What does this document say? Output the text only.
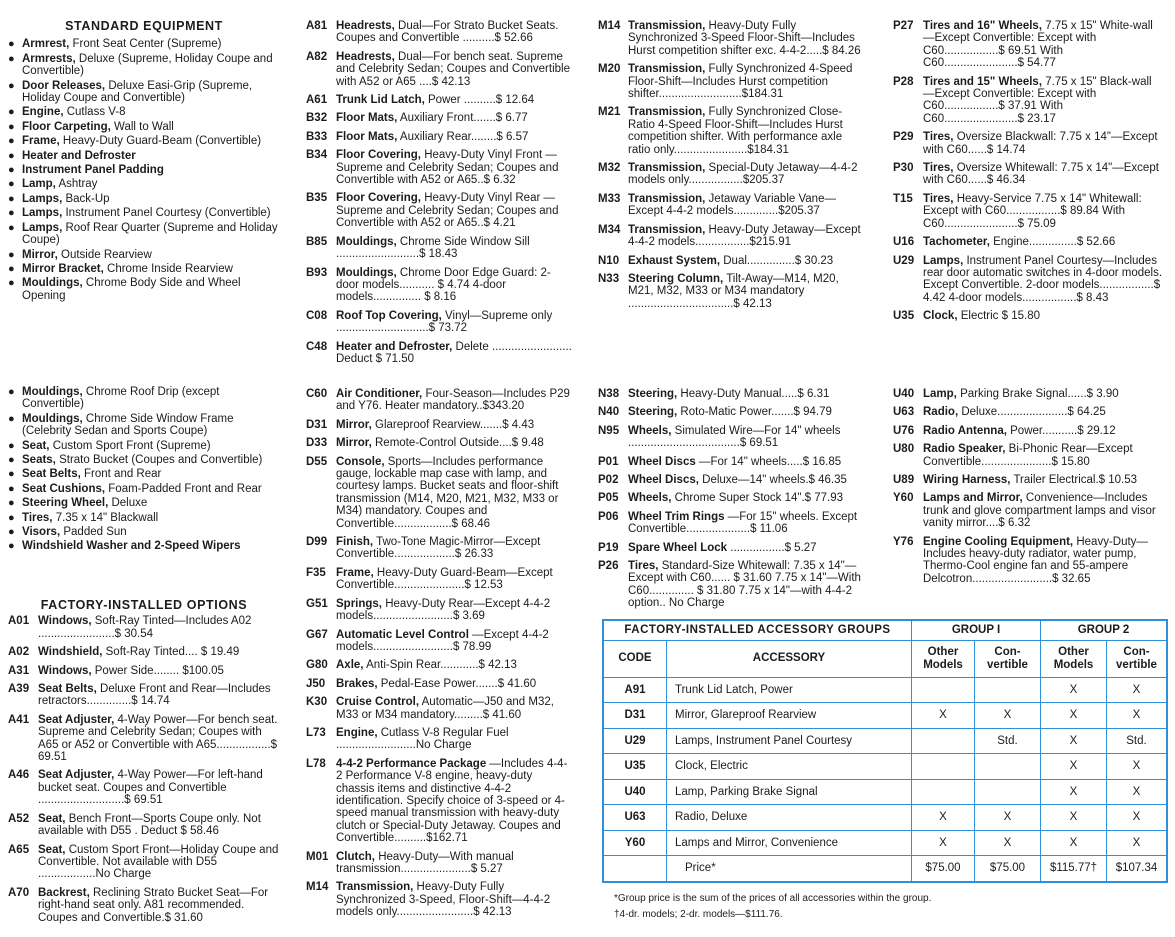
STANDARD EQUIPMENT
● Armrest, Front Seat Center (Supreme)
● Armrests, Deluxe (Supreme, Holiday Coupe and Convertible)
● Door Releases, Deluxe Easi-Grip (Supreme, Holiday Coupe and Convertible)
● Engine, Cutlass V-8
● Floor Carpeting, Wall to Wall
● Frame, Heavy-Duty Guard-Beam (Convertible)
● Heater and Defroster
● Instrument Panel Padding
● Lamp, Ashtray
● Lamps, Back-Up
● Lamps, Instrument Panel Courtesy (Convertible)
● Lamps, Roof Rear Quarter (Supreme and Holiday Coupe)
● Mirror, Outside Rearview
● Mirror Bracket, Chrome Inside Rearview
● Mouldings, Chrome Body Side and Wheel Opening
● Mouldings, Chrome Roof Drip (except Convertible)
● Mouldings, Chrome Side Window Frame (Celebrity Sedan and Sports Coupe)
● Seat, Custom Sport Front (Supreme)
● Seats, Strato Bucket (Coupes and Convertible)
● Seat Belts, Front and Rear
● Seat Cushions, Foam-Padded Front and Rear
● Steering Wheel, Deluxe
● Tires, 7.35 x 14" Blackwall
● Visors, Padded Sun
● Windshield Washer and 2-Speed Wipers
FACTORY-INSTALLED OPTIONS
A01 Windows, Soft-Ray Tinted—Includes A02 ........................$ 30.54
A02 Windshield, Soft-Ray Tinted.... $ 19.49
A31 Windows, Power Side........ $100.05
A39 Seat Belts, Deluxe Front and Rear—Includes retractors..............$ 14.74
A41 Seat Adjuster, 4-Way Power—For bench seat. Supreme and Celebrity Sedan; Coupes with A65 or A52 or Convertible with A65.................$ 69.51
A46 Seat Adjuster, 4-Way Power—For left-hand bucket seat. Coupes and Convertible ...........................$ 69.51
A52 Seat, Bench Front—Sports Coupe only. Not available with D55 . Deduct $ 58.46
A65 Seat, Custom Sport Front—Holiday Coupe and Convertible. Not available with D55 ..................No Charge
A70 Backrest, Reclining Strato Bucket Seat—For right-hand seat only. A81 recommended. Coupes and Convertible.$ 31.60
A81 Headrests, Dual—For Strato Bucket Seats. Coupes and Convertible ..........$ 52.66
A82 Headrests, Dual—For bench seat. Supreme and Celebrity Sedan; Coupes and Convertible with A52 or A65 ....$ 42.13
A61 Trunk Lid Latch, Power ..........$ 12.64
B32 Floor Mats, Auxiliary Front.......$ 6.77
B33 Floor Mats, Auxiliary Rear........$ 6.57
B34 Floor Covering, Heavy-Duty Vinyl Front —Supreme and Celebrity Sedan; Coupes and Convertible with A52 or A65..$ 6.32
B35 Floor Covering, Heavy-Duty Vinyl Rear —Supreme and Celebrity Sedan; Coupes and Convertible with A52 or A65..$ 4.21
B85 Mouldings, Chrome Side Window Sill ..........................$ 18.43
B93 Mouldings, Chrome Door Edge Guard: 2-door models........... $ 4.74 4-door models............... $ 8.16
C08 Roof Top Covering, Vinyl—Supreme only .............................$ 73.72
C48 Heater and Defroster, Delete ......................... Deduct $ 71.50
C60 Air Conditioner, Four-Season—Includes P29 and Y76. Heater mandatory..$343.20
D31 Mirror, Glareproof Rearview.......$ 4.43
D33 Mirror, Remote-Control Outside....$ 9.48
D55 Console, Sports—Includes performance gauge, lockable map case with lamp, and courtesy lamps. Bucket seats and floor-shift transmission (M14, M20, M21, M32, M33 or M34) mandatory. Coupes and Convertible..................$ 68.46
D99 Finish, Two-Tone Magic-Mirror—Except Convertible...................$ 26.33
F35 Frame, Heavy-Duty Guard-Beam—Except Convertible......................$ 12.53
G51 Springs, Heavy-Duty Rear—Except 4-4-2 models.........................$ 3.69
G67 Automatic Level Control —Except 4-4-2 models.........................$ 78.99
G80 Axle, Anti-Spin Rear............$ 42.13
J50 Brakes, Pedal-Ease Power.......$ 41.60
K30 Cruise Control, Automatic—J50 and M32, M33 or M34 mandatory.........$ 41.60
L73 Engine, Cutlass V-8 Regular Fuel .........................No Charge
L78 4-4-2 Performance Package —Includes 4-4-2 Performance V-8 engine, heavy-duty chassis items and distinctive 4-4-2 identification. Specify choice of 3-speed or 4-speed manual transmission with heavy-duty clutch or Special-Duty Jetaway. Coupes and Convertible..........$162.71
M01 Clutch, Heavy-Duty—With manual transmission......................$ 5.27
M14 Transmission, Heavy-Duty Fully Synchronized 3-Speed, Floor-Shift—4-4-2 models only........................$ 42.13
M14 Transmission, Heavy-Duty Fully Synchronized 3-Speed Floor-Shift—Includes Hurst competition shifter exc. 4-4-2.....$ 84.26
M20 Transmission, Fully Synchronized 4-Speed Floor-Shift—Includes Hurst competition shifter..........................$184.31
M21 Transmission, Fully Synchronized Close-Ratio 4-Speed Floor-Shift—Includes Hurst competition shifter. With performance axle ratio only.......................$184.31
M32 Transmission, Special-Duty Jetaway—4-4-2 models only.................$205.37
M33 Transmission, Jetaway Variable Vane—Except 4-4-2 models..............$205.37
M34 Transmission, Heavy-Duty Jetaway—Except 4-4-2 models.................$215.91
N10 Exhaust System, Dual...............$ 30.23
N33 Steering Column, Tilt-Away—M14, M20, M21, M32, M33 or M34 mandatory .................................$ 42.13
N38 Steering, Heavy-Duty Manual.....$ 6.31
N40 Steering, Roto-Matic Power.......$ 94.79
N95 Wheels, Simulated Wire—For 14" wheels ...................................$ 69.51
P01 Wheel Discs —For 14" wheels.....$ 16.85
P02 Wheel Discs, Deluxe—14" wheels.$ 46.35
P05 Wheels, Chrome Super Stock 14".$ 77.93
P06 Wheel Trim Rings —For 15" wheels. Except Convertible....................$ 11.06
P19 Spare Wheel Lock .................$ 5.27
P26 Tires, Standard-Size Whitewall: 7.35 x 14"—Except with C60...... $ 31.60 7.75 x 14"—With C60.............. $ 31.80 7.75 x 14"—with 4-4-2 option.. No Charge
P27 Tires and 16" Wheels, 7.75 x 15" White-wall—Except Convertible: Except with C60.................$ 69.51 With C60.......................$ 54.77
P28 Tires and 15" Wheels, 7.75 x 15" Black-wall—Except Convertible: Except with C60.................$ 37.91 With C60.......................$ 23.17
P29 Tires, Oversize Blackwall: 7.75 x 14"—Except with C60......$ 14.74
P30 Tires, Oversize Whitewall: 7.75 x 14"—Except with C60......$ 46.34
T15 Tires, Heavy-Service 7.75 x 14" Whitewall: Except with C60.................$ 89.84 With C60.......................$ 75.09
U16 Tachometer, Engine...............$ 52.66
U29 Lamps, Instrument Panel Courtesy—Includes rear door automatic switches in 4-door models. Except Convertible. 2-door models.................$ 4.42 4-door models.................$ 8.43
U35 Clock, Electric $ 15.80
U40 Lamp, Parking Brake Signal......$ 3.90
U63 Radio, Deluxe......................$ 64.25
U76 Radio Antenna, Power...........$ 29.12
U80 Radio Speaker, Bi-Phonic Rear—Except Convertible......................$ 15.80
U89 Wiring Harness, Trailer Electrical.$ 10.53
Y60 Lamps and Mirror, Convenience—Includes trunk and glove compartment lamps and visor vanity mirror....$ 6.32
Y76 Engine Cooling Equipment, Heavy-Duty—Includes heavy-duty radiator, water pump, Thermo-Cool engine fan and 55-ampere Delcotron.........................$ 32.65
FACTORY-INSTALLED ACCESSORY GROUPS		GROUP I		GROUP 2	
CODE	ACCESSORY	Other Models	Con-vertible	Other Models	Con-vertible
A91	Trunk Lid Latch, Power			X	X
D31	Mirror, Glareproof Rearview	X	X	X	X
U29	Lamps, Instrument Panel Courtesy		Std.	X	Std.
U35	Clock, Electric			X	X
U40	Lamp, Parking Brake Signal			X	X
U63	Radio, Deluxe	X	X	X	X
Y60	Lamps and Mirror, Convenience	X	X	X	X
	Price*	$75.00	$75.00	$115.77†	$107.34
*Group price is the sum of the prices of all accessories within the group.
†4-dr. models; 2-dr. models—$111.76.
